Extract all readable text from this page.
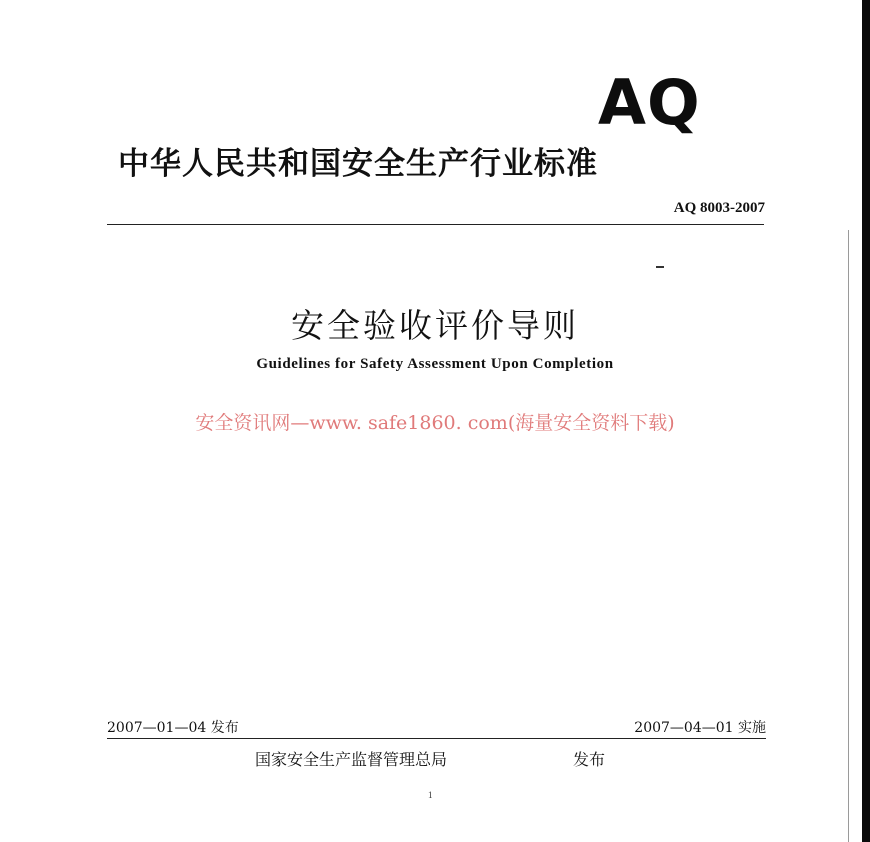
AQ
中华人民共和国安全生产行业标准
AQ 8003-2007
安全验收评价导则
Guidelines for Safety Assessment Upon Completion
安全资讯网—www. safe1860. com(海量安全资料下载)
2007—01—04 发布	2007—04—01 实施
国家安全生产监督管理总局	发布
1
